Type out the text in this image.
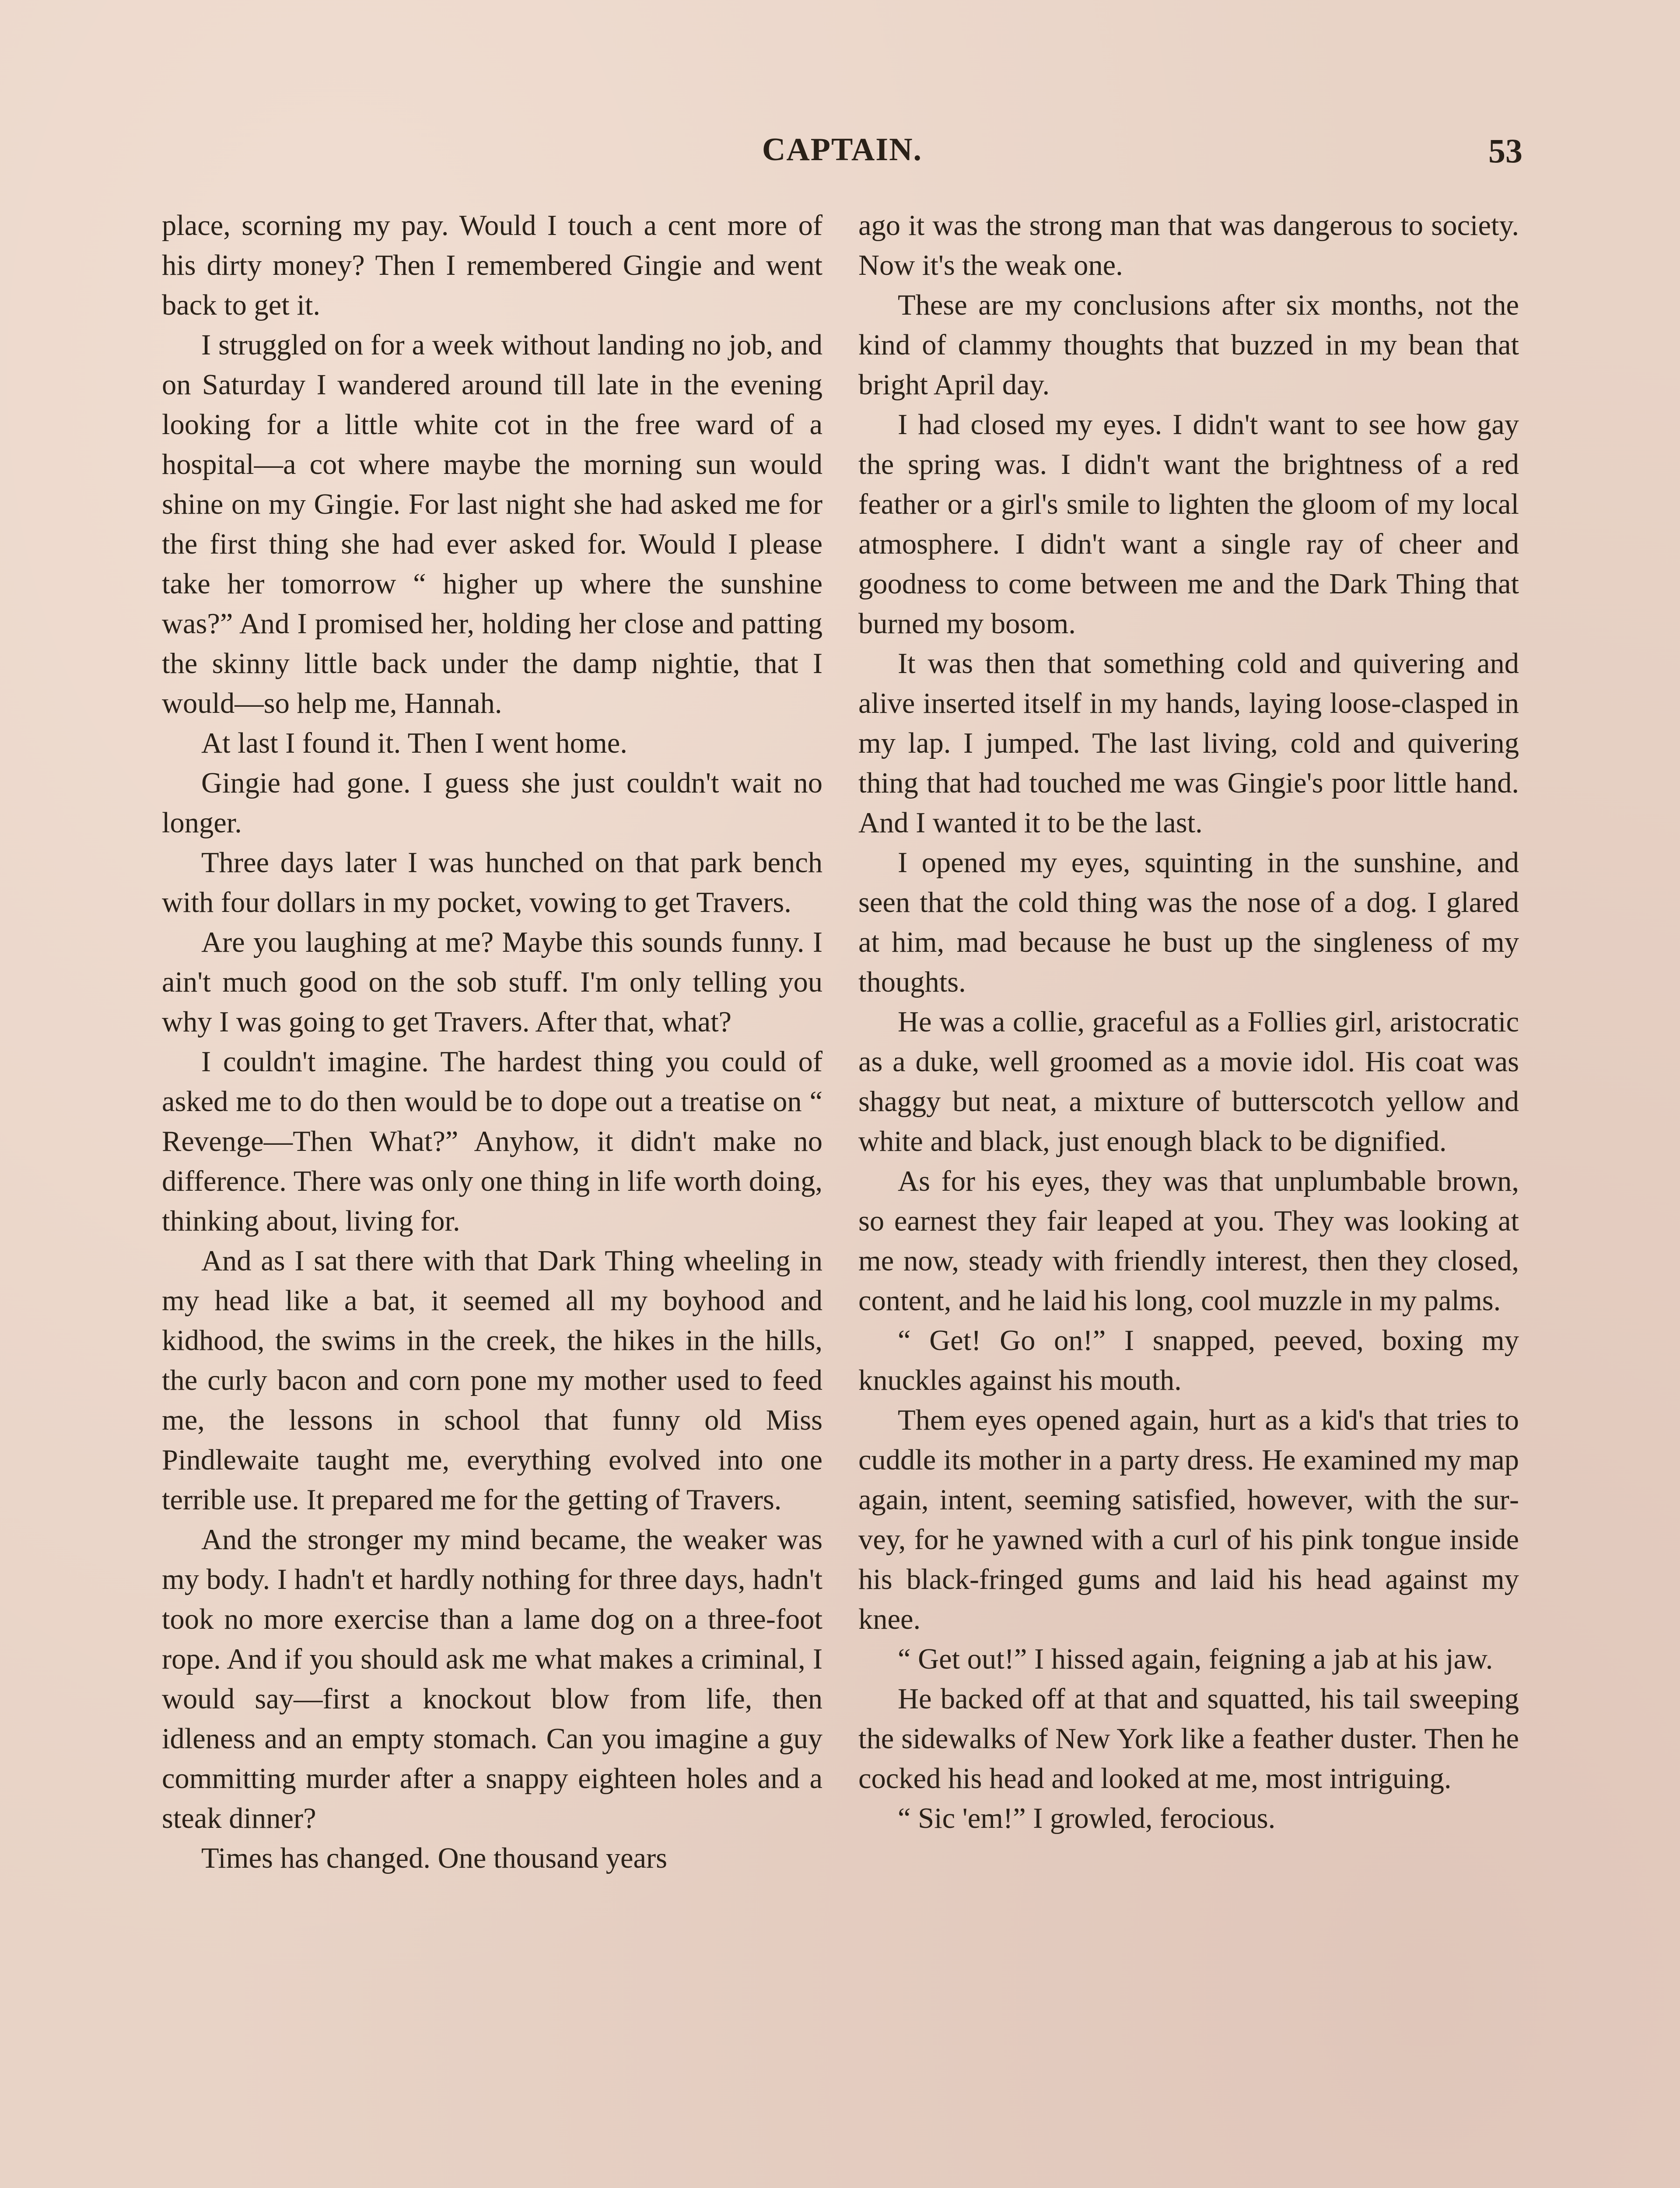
CAPTAIN.	53

place, scorning my pay. Would I touch a cent more of his dirty money? Then I remembered Gingie and went back to get it.

I struggled on for a week without landing no job, and on Saturday I wandered around till late in the evening looking for a little white cot in the free ward of a hospital—a cot where maybe the morning sun would shine on my Gingie. For last night she had asked me for the first thing she had ever asked for. Would I please take her tomorrow “ higher up where the sunshine was?” And I promised her, holding her close and patting the skinny little back under the damp nightie, that I would—so help me, Hannah.

At last I found it. Then I went home.

Gingie had gone. I guess she just couldn't wait no longer.

Three days later I was hunched on that park bench with four dollars in my pocket, vowing to get Travers.

Are you laughing at me? Maybe this sounds funny. I ain't much good on the sob stuff. I'm only telling you why I was going to get Travers. After that, what?

I couldn't imagine. The hardest thing you could of asked me to do then would be to dope out a treatise on “ Revenge—Then What?” Anyhow, it didn't make no difference. There was only one thing in life worth doing, thinking about, living for.

And as I sat there with that Dark Thing wheeling in my head like a bat, it seemed all my boyhood and kidhood, the swims in the creek, the hikes in the hills, the curly bacon and corn pone my mother used to feed me, the lessons in school that funny old Miss Pindlewaite taught me, everything evolved into one terrible use. It prepared me for the getting of Travers.

And the stronger my mind became, the weaker was my body. I hadn't et hardly nothing for three days, hadn't took no more exercise than a lame dog on a three-foot rope. And if you should ask me what makes a criminal, I would say—first a knockout blow from life, then idleness and an empty stomach. Can you imagine a guy committing murder after a snappy eighteen holes and a steak dinner?

Times has changed. One thousand years

ago it was the strong man that was dangerous to society. Now it's the weak one.

These are my conclusions after six months, not the kind of clammy thoughts that buzzed in my bean that bright April day.

I had closed my eyes. I didn't want to see how gay the spring was. I didn't want the brightness of a red feather or a girl's smile to lighten the gloom of my local atmosphere. I didn't want a single ray of cheer and goodness to come between me and the Dark Thing that burned my bosom.

It was then that something cold and quivering and alive inserted itself in my hands, laying loose-clasped in my lap. I jumped. The last living, cold and quivering thing that had touched me was Gingie's poor little hand. And I wanted it to be the last.

I opened my eyes, squinting in the sunshine, and seen that the cold thing was the nose of a dog. I glared at him, mad because he bust up the singleness of my thoughts.

He was a collie, graceful as a Follies girl, aristocratic as a duke, well groomed as a movie idol. His coat was shaggy but neat, a mixture of butterscotch yellow and white and black, just enough black to be dignified.

As for his eyes, they was that unplumbable brown, so earnest they fair leaped at you. They was looking at me now, steady with friendly interest, then they closed, content, and he laid his long, cool muzzle in my palms.

“ Get! Go on!” I snapped, peeved, boxing my knuckles against his mouth.

Them eyes opened again, hurt as a kid's that tries to cuddle its mother in a party dress. He examined my map again, intent, seeming satisfied, however, with the survey, for he yawned with a curl of his pink tongue inside his black-fringed gums and laid his head against my knee.

“ Get out!” I hissed again, feigning a jab at his jaw.

He backed off at that and squatted, his tail sweeping the sidewalks of New York like a feather duster. Then he cocked his head and looked at me, most intriguing.

“ Sic 'em!” I growled, ferocious.
